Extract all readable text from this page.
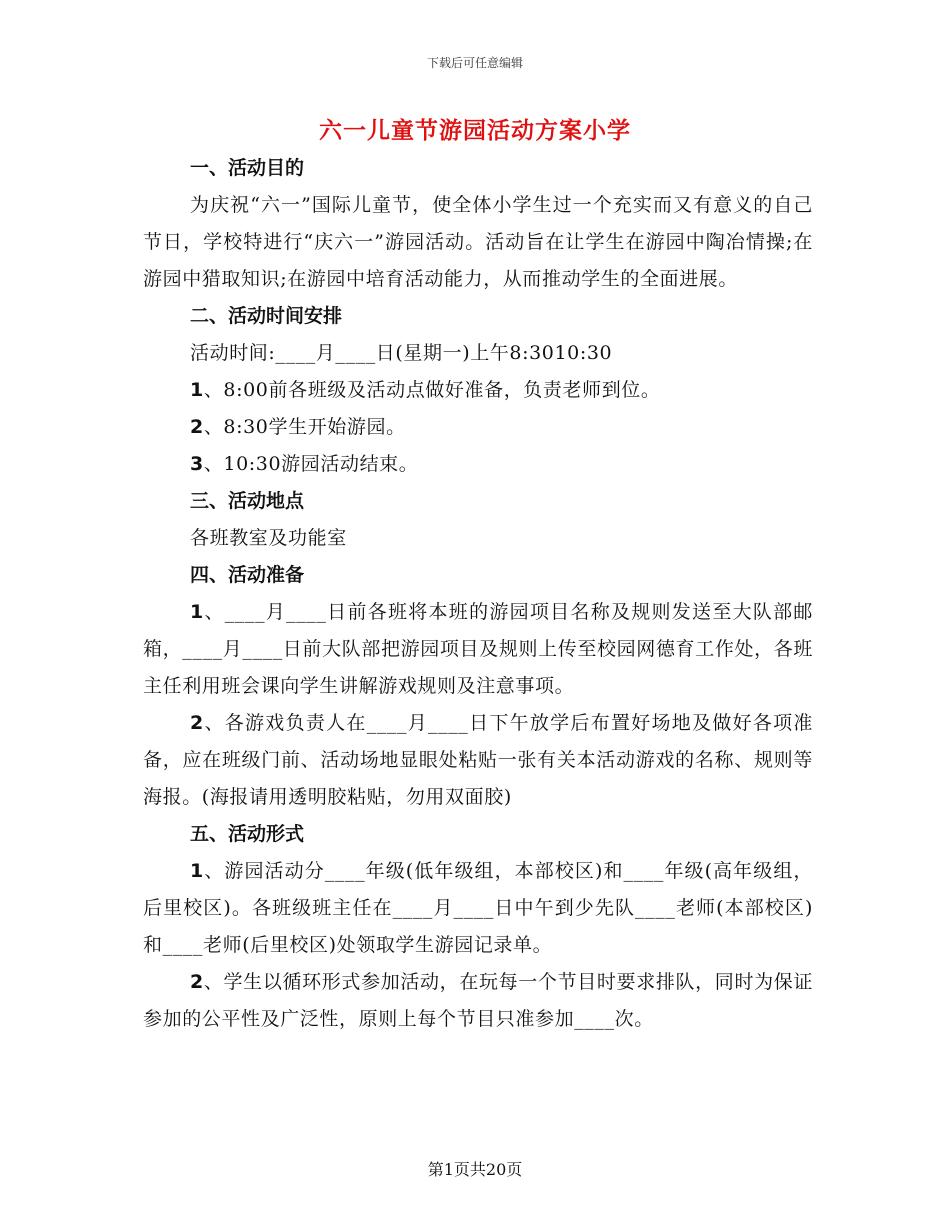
下载后可任意编辑
六一儿童节游园活动方案小学
一、活动目的
为庆祝“六一”国际儿童节，使全体小学生过一个充实而又有意义的自己节日，学校特进行“庆六一”游园活动。活动旨在让学生在游园中陶冶情操;在游园中猎取知识;在游园中培育活动能力，从而推动学生的全面进展。
二、活动时间安排
活动时间:____月____日(星期一)上午8:3010:30
1、8:00前各班级及活动点做好准备，负责老师到位。
2、8:30学生开始游园。
3、10:30游园活动结束。
三、活动地点
各班教室及功能室
四、活动准备
1、____月____日前各班将本班的游园项目名称及规则发送至大队部邮箱，____月____日前大队部把游园项目及规则上传至校园网德育工作处，各班主任利用班会课向学生讲解游戏规则及注意事项。
2、各游戏负责人在____月____日下午放学后布置好场地及做好各项准备，应在班级门前、活动场地显眼处粘贴一张有关本活动游戏的名称、规则等海报。(海报请用透明胶粘贴，勿用双面胶)
五、活动形式
1、游园活动分____年级(低年级组，本部校区)和____年级(高年级组，后里校区)。各班级班主任在____月____日中午到少先队____老师(本部校区)和____老师(后里校区)处领取学生游园记录单。
2、学生以循环形式参加活动，在玩每一个节目时要求排队，同时为保证参加的公平性及广泛性，原则上每个节目只准参加____次。
第1页共20页
